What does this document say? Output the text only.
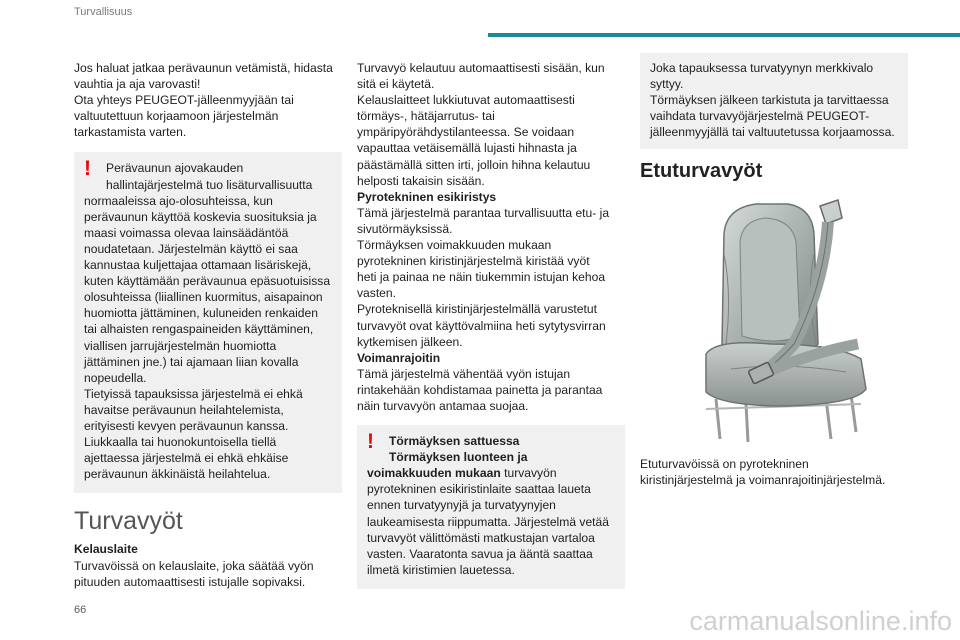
Turvallisuus

Jos haluat jatkaa perävaunun vetämistä, hidasta
vauhtia ja aja varovasti!

Ota yhteys PEUGEOT-jälleenmyyjään tai
valtuutettuun korjaamoon järjestelmän
tarkastamista varten.

!	Perävaunun ajovakauden
hallintajärjestelmä tuo lisäturvallisuutta
normaaleissa ajo-olosuhteissa, kun
perävaunun käyttöä koskevia suosituksia ja
maasi voimassa olevaa lainsäädäntöä
noudatetaan. Järjestelmän käyttö ei saa
kannustaa kuljettajaa ottamaan lisäriskejä,
kuten käyttämään perävaunua epäsuotuisissa
olosuhteissa (liiallinen kuormitus, aisapainon
huomiotta jättäminen, kuluneiden renkaiden
tai alhaisten rengaspaineiden käyttäminen,
viallisen jarrujärjestelmän huomiotta
jättäminen jne.) tai ajamaan liian kovalla
nopeudella.
Tietyissä tapauksissa järjestelmä ei ehkä
havaitse perävaunun heilahtelemista,
erityisesti kevyen perävaunun kanssa.
Liukkaalla tai huonokuntoisella tiellä
ajettaessa järjestelmä ei ehkä ehkäise
perävaunun äkkinäistä heilahtelua.
Turvavyöt

Kelauslaite

Turvavöissä on kelauslaite, joka säätää vyön
pituuden automaattisesti istujalle sopivaksi.

Turvavyö kelautuu automaattisesti sisään, kun
sitä ei käytetä.
Kelauslaitteet lukkiutuvat automaattisesti
törmäys-, hätäjarrutus- tai
ympäripyörähdystilanteessa. Se voidaan
vapauttaa vetäisemällä lujasti hihnasta ja
päästämällä sitten irti, jolloin hihna kelautuu
helposti takaisin sisään.

Pyrotekninen esikiristys

Tämä järjestelmä parantaa turvallisuutta etu- ja
sivutörmäyksissä.
Törmäyksen voimakkuuden mukaan
pyrotekninen kiristinjärjestelmä kiristää vyöt
heti ja painaa ne näin tiukemmin istujan kehoa
vasten.
Pyroteknisellä kiristinjärjestelmällä varustetut
turvavyöt ovat käyttövalmiina heti sytytysvirran
kytkemisen jälkeen.

Voimanrajoitin

Tämä järjestelmä vähentää vyön istujan
rintakehään kohdistamaa painetta ja parantaa
näin turvavyön antamaa suojaa.

!	Törmäyksen sattuessa
Törmäyksen luonteen ja
voimakkuuden mukaan turvavyön
pyrotekninen esikiristinlaite saattaa laueta
ennen turvatyynyjä ja turvatyynyjen
laukeamisesta riippumatta. Järjestelmä vetää
turvavyöt välittömästi matkustajan vartaloa
vasten. Vaaratonta savua ja ääntä saattaa
ilmetä kiristimien lauetessa.
Joka tapauksessa turvatyynyn merkkivalo
syttyy.
Törmäyksen jälkeen tarkistuta ja tarvittaessa
vaihdata turvavyöjärjestelmä PEUGEOT-
jälleenmyyjällä tai valtuutetussa korjaamossa.
Etuturvavyöt

Etuturvavöissä on pyrotekninen
kiristinjärjestelmä ja voimanrajoitinjärjestelmä.

66	carmanualsonline.info
